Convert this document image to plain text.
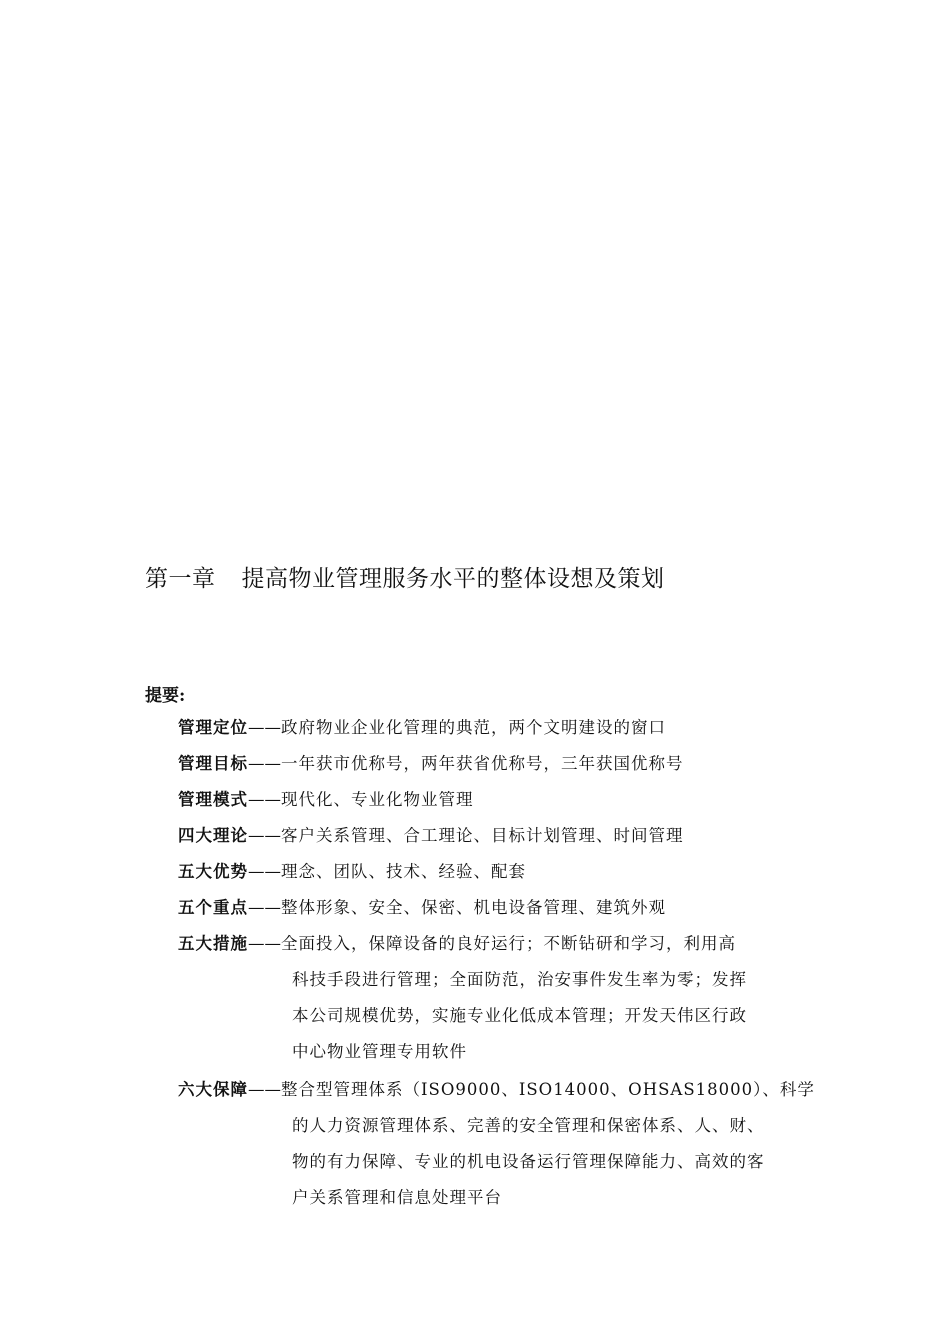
第一章 提高物业管理服务水平的整体设想及策划
提要:
管理定位——政府物业企业化管理的典范，两个文明建设的窗口
管理目标——一年获市优称号，两年获省优称号，三年获国优称号
管理模式——现代化、专业化物业管理
四大理论——客户关系管理、合工理论、目标计划管理、时间管理
五大优势——理念、团队、技术、经验、配套
五个重点——整体形象、安全、保密、机电设备管理、建筑外观
五大措施——全面投入，保障设备的良好运行；不断钻研和学习，利用高
科技手段进行管理；全面防范，治安事件发生率为零；发挥
本公司规模优势，实施专业化低成本管理；开发天伟区行政
中心物业管理专用软件
六大保障——整合型管理体系（ISO9000、ISO14000、OHSAS18000）、科学
的人力资源管理体系、完善的安全管理和保密体系、人、财、
物的有力保障、专业的机电设备运行管理保障能力、高效的客
户关系管理和信息处理平台
